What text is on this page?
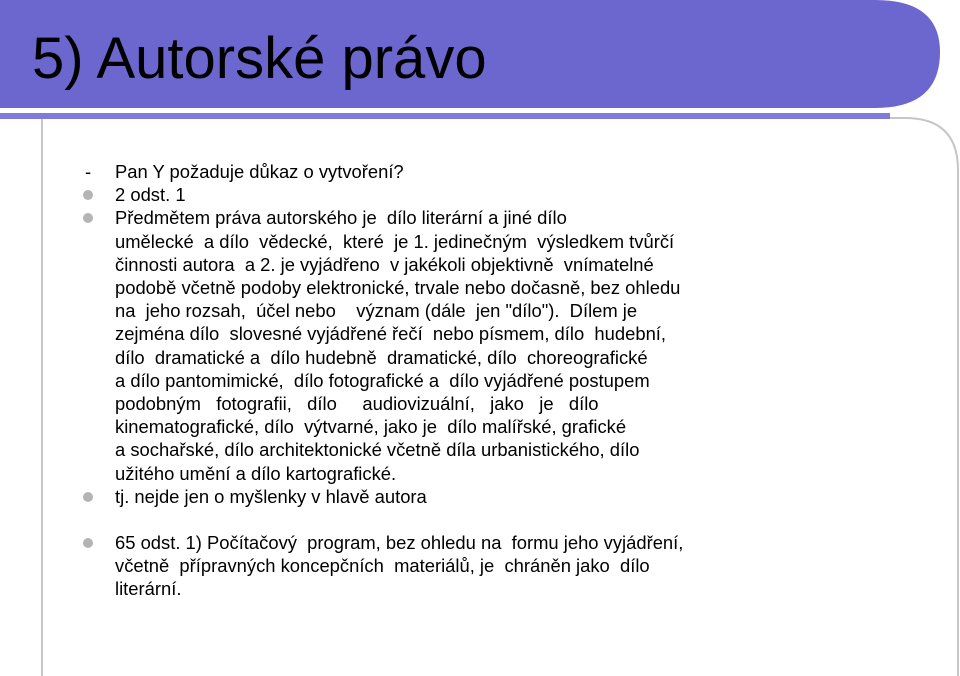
5) Autorské právo
- Pan Y požaduje důkaz o vytvoření?
2 odst. 1
Předmětem práva autorského je  dílo literární a jiné dílo
umělecké  a dílo  vědecké,  které  je 1. jedinečným  výsledkem tvůrčí
činnosti autora  a 2. je vyjádřeno  v jakékoli objektivně  vnímatelné
podobě včetně podoby elektronické, trvale nebo dočasně, bez ohledu
na  jeho rozsah,  účel nebo    význam (dále  jen "dílo").  Dílem je
zejména dílo  slovesné vyjádřené řečí  nebo písmem, dílo  hudební,
dílo  dramatické a  dílo hudebně  dramatické, dílo  choreografické
a dílo pantomimické,  dílo fotografické a  dílo vyjádřené postupem
podobným   fotografii,   dílo     audiovizuální,   jako   je   dílo
kinematografické, dílo  výtvarné, jako je  dílo malířské, grafické
a sochařské, dílo architektonické včetně díla urbanistického, dílo
užitého umění a dílo kartografické.
tj. nejde jen o myšlenky v hlavě autora
65 odst. 1) Počítačový  program, bez ohledu na  formu jeho vyjádření,
včetně  přípravných koncepčních  materiálů, je  chráněn jako  dílo
literární.
